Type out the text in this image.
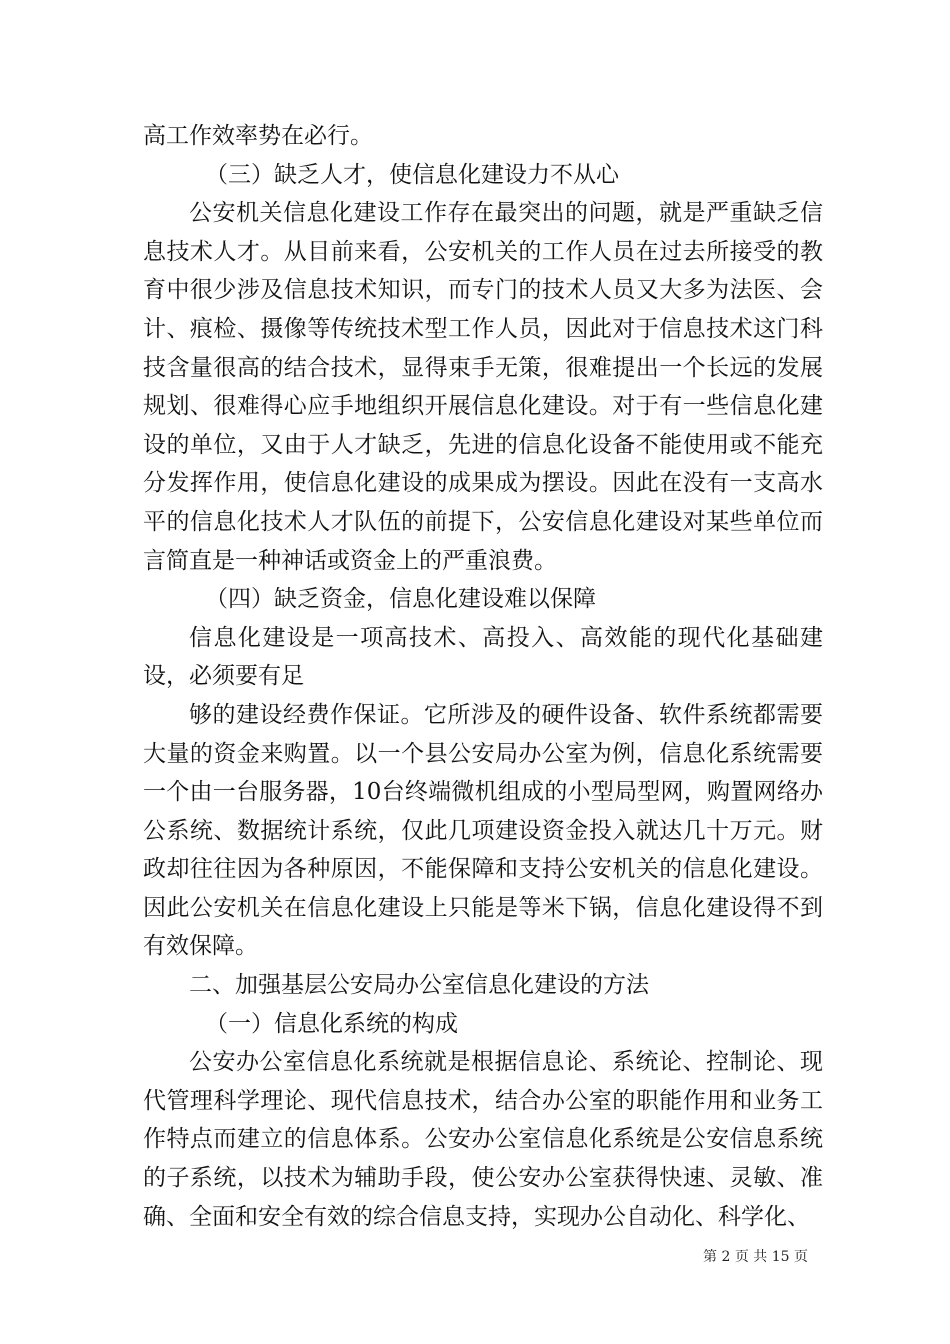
高工作效率势在必行。

（三）缺乏人才，使信息化建设力不从心

公安机关信息化建设工作存在最突出的问题，就是严重缺乏信息技术人才。从目前来看，公安机关的工作人员在过去所接受的教育中很少涉及信息技术知识，而专门的技术人员又大多为法医、会计、痕检、摄像等传统技术型工作人员，因此对于信息技术这门科技含量很高的结合技术，显得束手无策，很难提出一个长远的发展规划、很难得心应手地组织开展信息化建设。对于有一些信息化建设的单位，又由于人才缺乏，先进的信息化设备不能使用或不能充分发挥作用，使信息化建设的成果成为摆设。因此在没有一支高水平的信息化技术人才队伍的前提下，公安信息化建设对某些单位而言简直是一种神话或资金上的严重浪费。

（四）缺乏资金，信息化建设难以保障

信息化建设是一项高技术、高投入、高效能的现代化基础建设，必须要有足

够的建设经费作保证。它所涉及的硬件设备、软件系统都需要大量的资金来购置。以一个县公安局办公室为例，信息化系统需要一个由一台服务器，10台终端微机组成的小型局型网，购置网络办公系统、数据统计系统，仅此几项建设资金投入就达几十万元。财政却往往因为各种原因，不能保障和支持公安机关的信息化建设。因此公安机关在信息化建设上只能是等米下锅，信息化建设得不到有效保障。

二、加强基层公安局办公室信息化建设的方法

（一）信息化系统的构成

公安办公室信息化系统就是根据信息论、系统论、控制论、现代管理科学理论、现代信息技术，结合办公室的职能作用和业务工作特点而建立的信息体系。公安办公室信息化系统是公安信息系统的子系统，以技术为辅助手段，使公安办公室获得快速、灵敏、准确、全面和安全有效的综合信息支持，实现办公自动化、科学化、

第 2 页 共 15 页
